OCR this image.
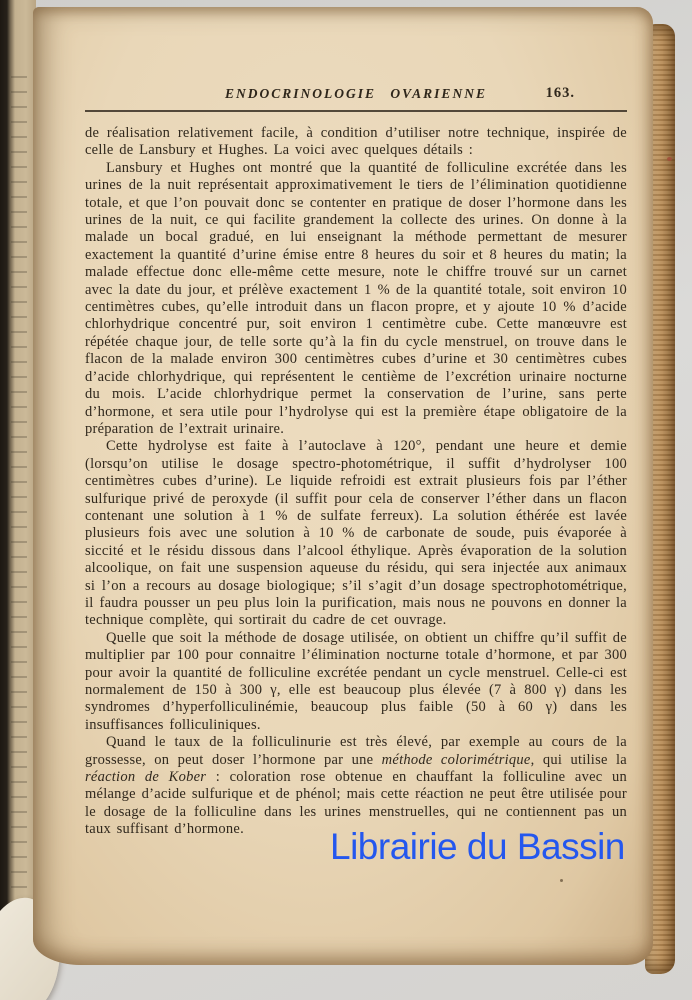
ENDOCRINOLOGIE OVARIENNE	163.

de réalisation relativement facile, à condition d’utiliser notre technique, inspirée de celle de Lansbury et Hughes. La voici avec quelques détails :

Lansbury et Hughes ont montré que la quantité de folliculine excrétée dans les urines de la nuit représentait approximativement le tiers de l’élimination quotidienne totale, et que l’on pouvait donc se contenter en pratique de doser l’hormone dans les urines de la nuit, ce qui facilite grandement la collecte des urines. On donne à la malade un bocal gradué, en lui enseignant la méthode permettant de mesurer exactement la quantité d’urine émise entre 8 heures du soir et 8 heures du matin; la malade effectue donc elle-même cette mesure, note le chiffre trouvé sur un carnet avec la date du jour, et prélève exactement 1 % de la quantité totale, soit environ 10 centimètres cubes, qu’elle introduit dans un flacon propre, et y ajoute 10 % d’acide chlorhydrique concentré pur, soit environ 1 centimètre cube. Cette manœuvre est répétée chaque jour, de telle sorte qu’à la fin du cycle menstruel, on trouve dans le flacon de la malade environ 300 centimètres cubes d’urine et 30 centimètres cubes d’acide chlorhydrique, qui représentent le centième de l’excrétion urinaire nocturne du mois. L’acide chlorhydrique permet la conservation de l’urine, sans perte d’hormone, et sera utile pour l’hydrolyse qui est la première étape obligatoire de la préparation de l’extrait urinaire.

Cette hydrolyse est faite à l’autoclave à 120°, pendant une heure et demie (lorsqu’on utilise le dosage spectro-photométrique, il suffit d’hydrolyser 100 centimètres cubes d’urine). Le liquide refroidi est extrait plusieurs fois par l’éther sulfurique privé de peroxyde (il suffit pour cela de conserver l’éther dans un flacon contenant une solution à 1 % de sulfate ferreux). La solution éthérée est lavée plusieurs fois avec une solution à 10 % de carbonate de soude, puis évaporée à siccité et le résidu dissous dans l’alcool éthylique. Après évaporation de la solution alcoolique, on fait une suspension aqueuse du résidu, qui sera injectée aux animaux si l’on a recours au dosage biologique; s’il s’agit d’un dosage spectrophotométrique, il faudra pousser un peu plus loin la purification, mais nous ne pouvons en donner la technique complète, qui sortirait du cadre de cet ouvrage.

Quelle que soit la méthode de dosage utilisée, on obtient un chiffre qu’il suffit de multiplier par 100 pour connaitre l’élimination nocturne totale d’hormone, et par 300 pour avoir la quantité de folliculine excrétée pendant un cycle menstruel. Celle-ci est normalement de 150 à 300 γ, elle est beaucoup plus élevée (7 à 800 γ) dans les syndromes d’hyperfolliculinémie, beaucoup plus faible (50 à 60 γ) dans les insuffisances folliculiniques.

Quand le taux de la folliculinurie est très élevé, par exemple au cours de la grossesse, on peut doser l’hormone par une méthode colorimétrique, qui utilise la réaction de Kober : coloration rose obtenue en chauffant la folliculine avec un mélange d’acide sulfurique et de phénol; mais cette réaction ne peut être utilisée pour le dosage de la folliculine dans les urines menstruelles, qui ne contiennent pas un taux suffisant d’hormone.	Librairie du Bassin
